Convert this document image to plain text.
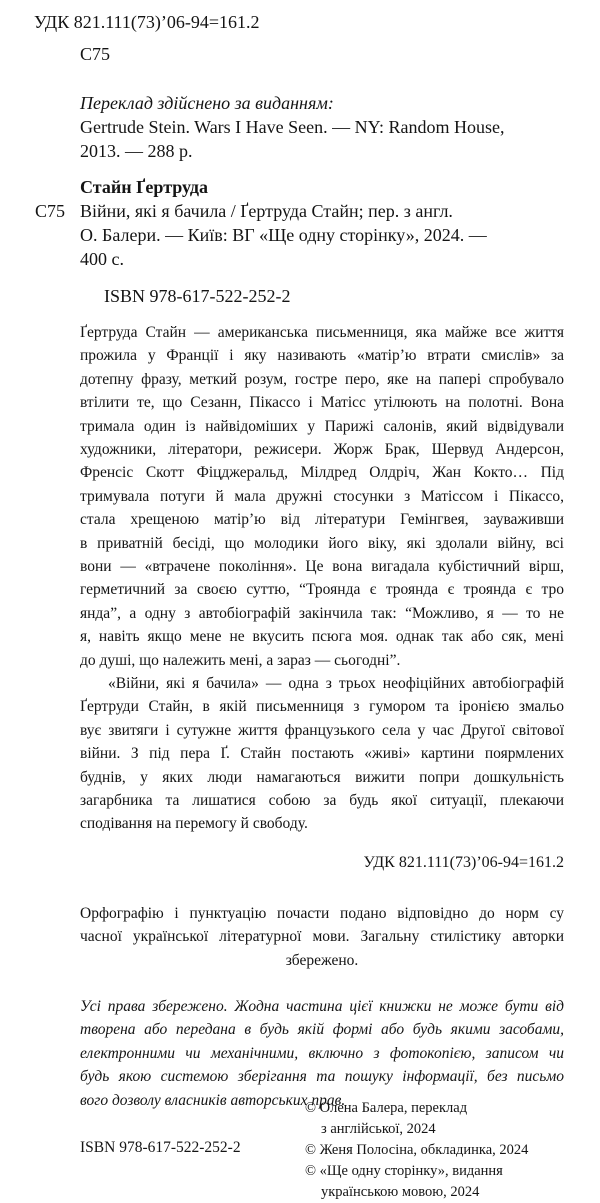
УДК 821.111(73)’06-94=161.2
С75
Переклад здійснено за виданням:
Gertrude Stein. Wars I Have Seen. — NY: Random House,
2013. — 288 p.
Стайн Ґертруда
С75 Війни, які я бачила / Ґертруда Стайн; пер. з англ.
О. Балери. — Київ: ВГ «Ще одну сторінку», 2024. —
400 с.
ISBN 978-617-522-252-2
Ґертруда Стайн — американська письменниця, яка майже все життя
прожила у Франції і яку називають «матір’ю втрати смислів» за
дотепну фразу, меткий розум, гостре перо, яке на папері спробувало
втілити те, що Сезанн, Пікассо і Матісс утілюють на полотні. Вона
тримала один із найвідоміших у Парижі салонів, який відвідували
художники, літератори, режисери. Жорж Брак, Шервуд Андерсон,
Френсіс Скотт Фіцджеральд, Мілдред Олдріч, Жан Кокто… Під
тримувала потуги й мала дружні стосунки з Матіссом і Пікассо,
стала хрещеною матір’ю від літератури Гемінгвея, зауваживши
в приватній бесіді, що молодики його віку, які здолали війну, всі
вони — «втрачене покоління». Це вона вигадала кубістичний вірш,
герметичний за своєю суттю, “Троянда є троянда є троянда є тро
янда”, а одну з автобіографій закінчила так: “Можливо, я — то не
я, навіть якщо мене не вкусить псюга моя. однак так або сяк, мені
до душі, що належить мені, а зараз — сьогодні”.
«Війни, які я бачила» — одна з трьох неофіційних автобіографій
Ґертруди Стайн, в якій письменниця з гумором та іронією змальо
вує звитяги і сутужне життя французького села у час Другої світової
війни. З під пера Ґ. Стайн постають «живі» картини поярмлених
буднів, у яких люди намагаються вижити попри дошкульність
загарбника та лишатися собою за будь якої ситуації, плекаючи
сподівання на перемогу й свободу.
УДК 821.111(73)’06-94=161.2
Орфографію і пунктуацію почасти подано відповідно до норм су
часної української літературної мови. Загальну стилістику авторки
збережено.
Усі права збережено. Жодна частина цієї книжки не може бути від
творена або передана в будь якій формі або будь якими засобами,
електронними чи механічними, включно з фотокопією, записом чи
будь якою системою зберігання та пошуку інформації, без письмо
вого дозволу власників авторських прав.
© Олена Балера, переклад
з англійської, 2024
© Женя Полосіна, обкладинка, 2024
© «Ще одну сторінку», видання
українською мовою, 2024
ISBN 978-617-522-252-2
